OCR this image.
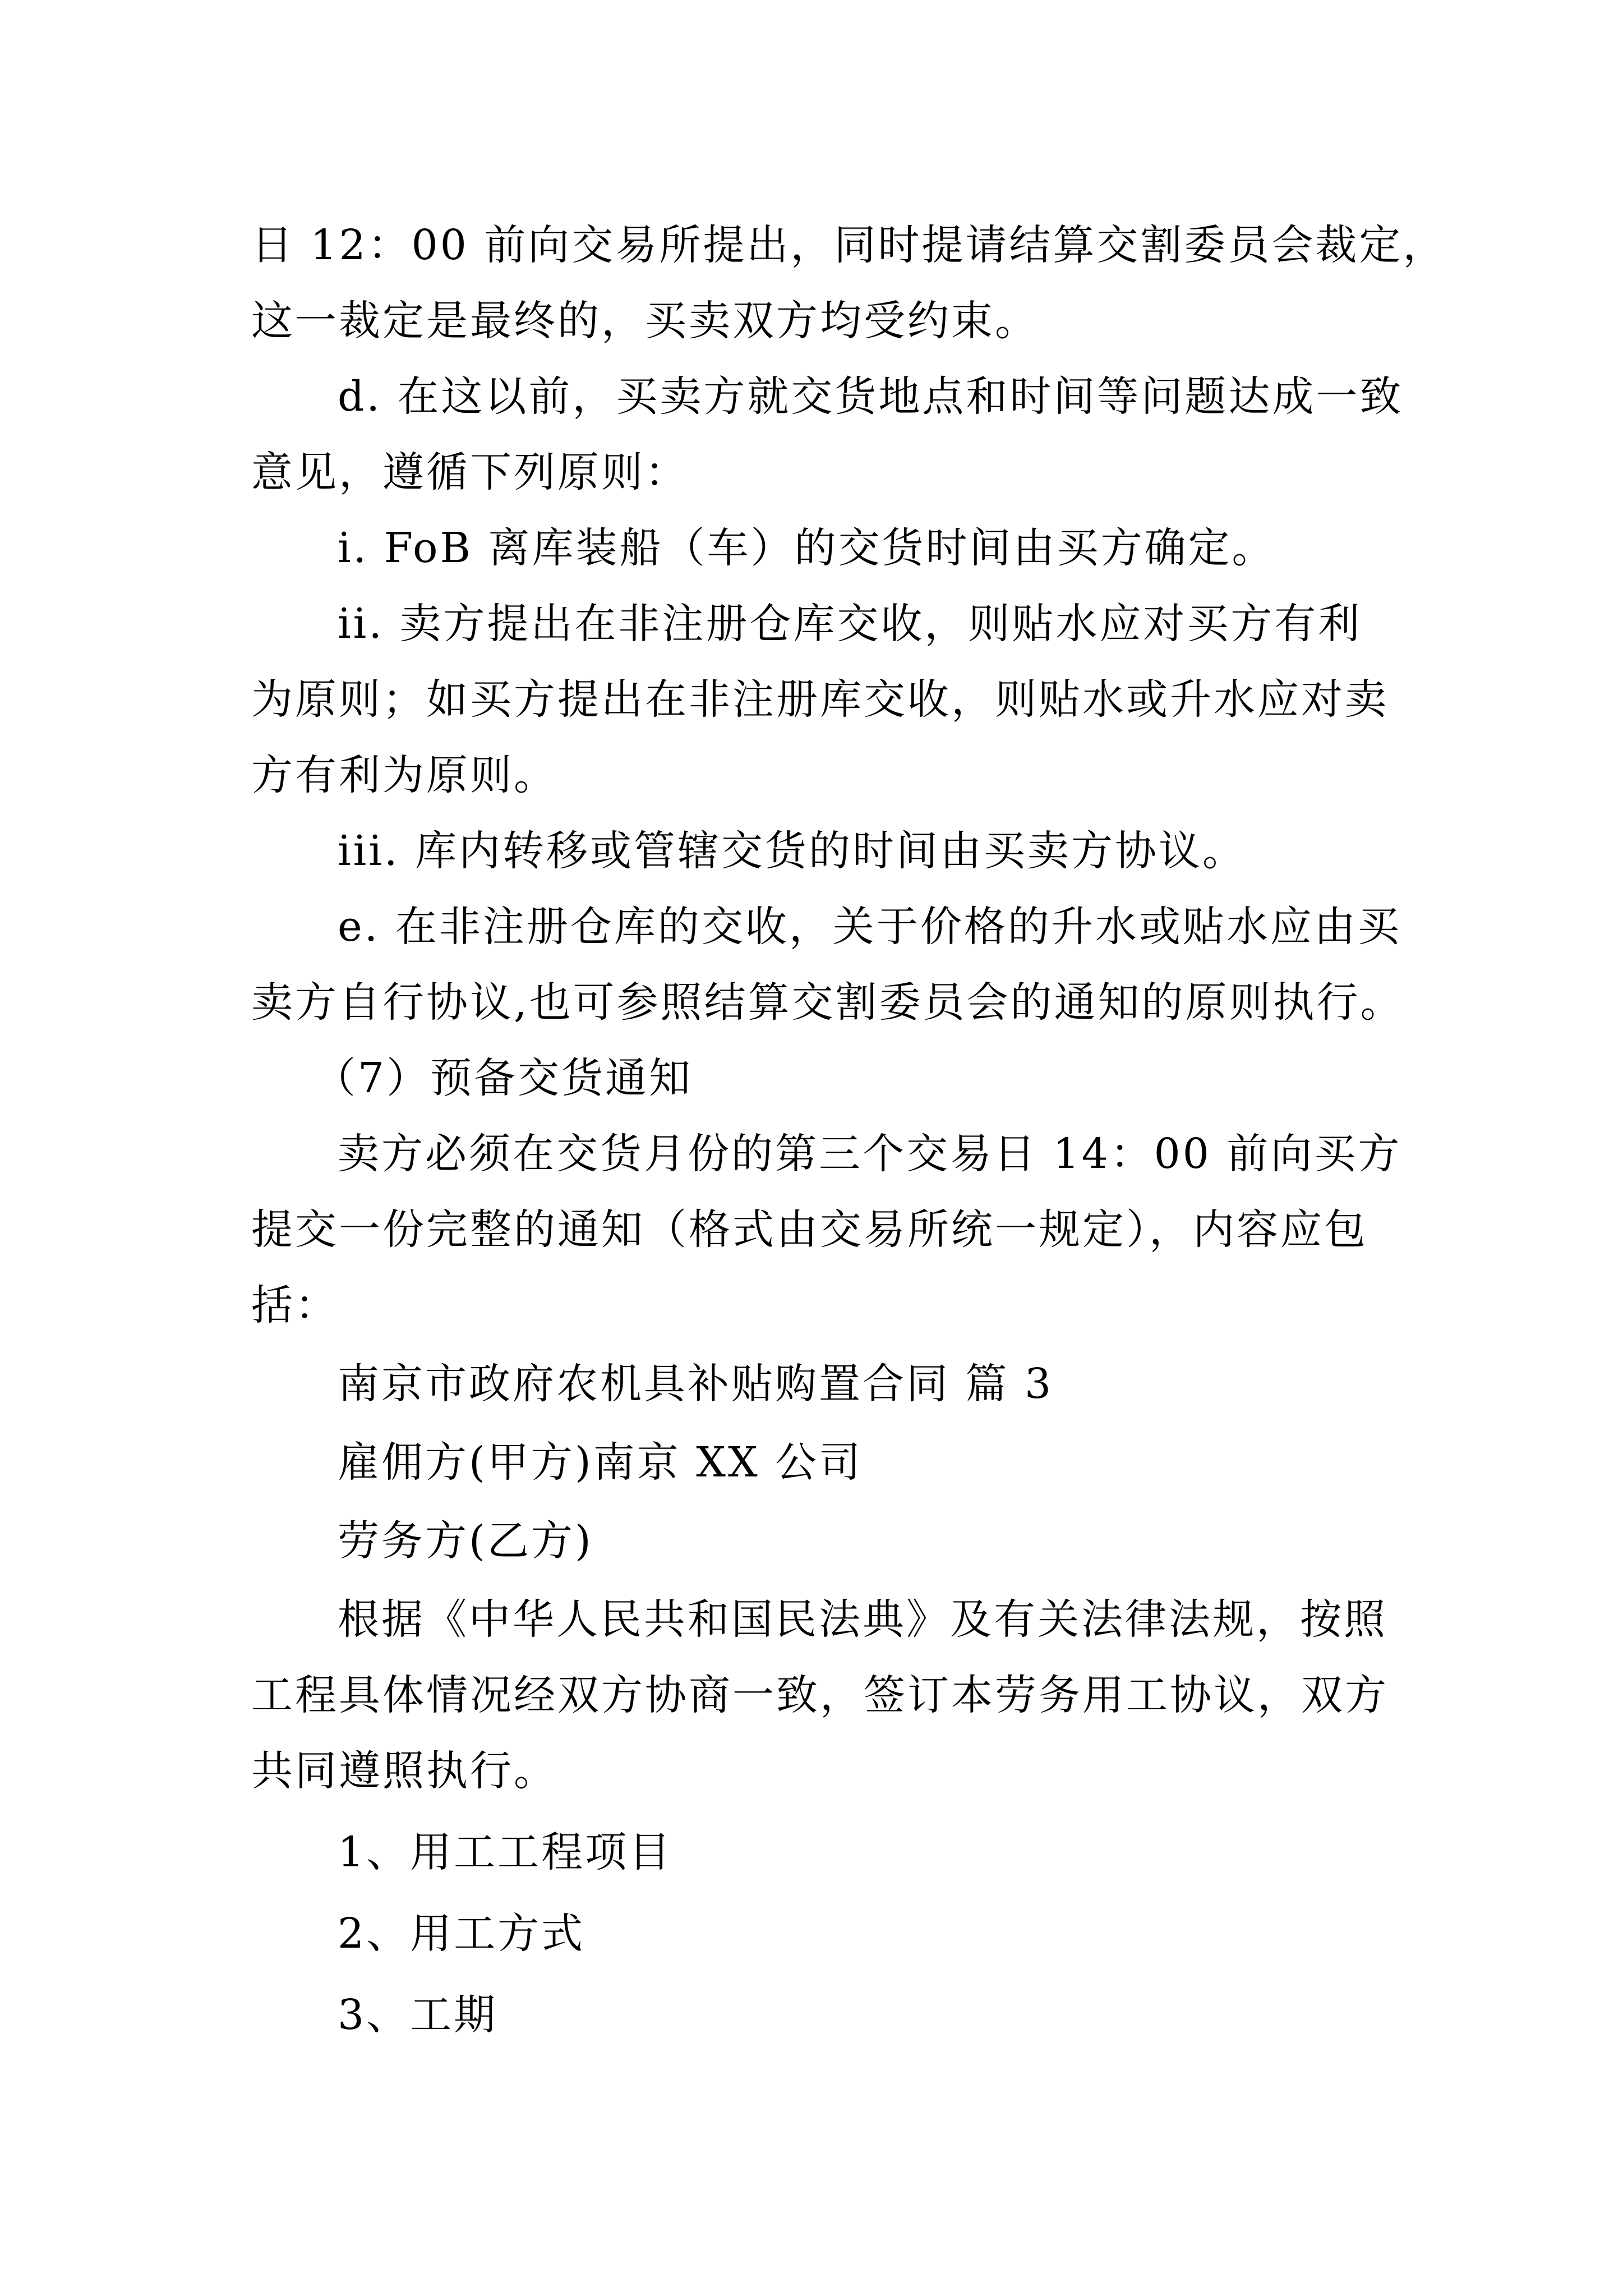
日 12：00 前向交易所提出，同时提请结算交割委员会裁定，
这一裁定是最终的，买卖双方均受约束。
d. 在这以前，买卖方就交货地点和时间等问题达成一致
意见，遵循下列原则：
i. FoB 离库装船（车）的交货时间由买方确定。
ii. 卖方提出在非注册仓库交收，则贴水应对买方有利
为原则；如买方提出在非注册库交收，则贴水或升水应对卖
方有利为原则。
iii. 库内转移或管辖交货的时间由买卖方协议。
e. 在非注册仓库的交收，关于价格的升水或贴水应由买
卖方自行协议,也可参照结算交割委员会的通知的原则执行。
（7）预备交货通知
卖方必须在交货月份的第三个交易日 14：00 前向买方
提交一份完整的通知（格式由交易所统一规定），内容应包
括：
南京市政府农机具补贴购置合同 篇 3
雇佣方(甲方)南京 XX 公司
劳务方(乙方)
根据《中华人民共和国民法典》及有关法律法规，按照
工程具体情况经双方协商一致，签订本劳务用工协议，双方
共同遵照执行。
1、用工工程项目
2、用工方式
3、工期
